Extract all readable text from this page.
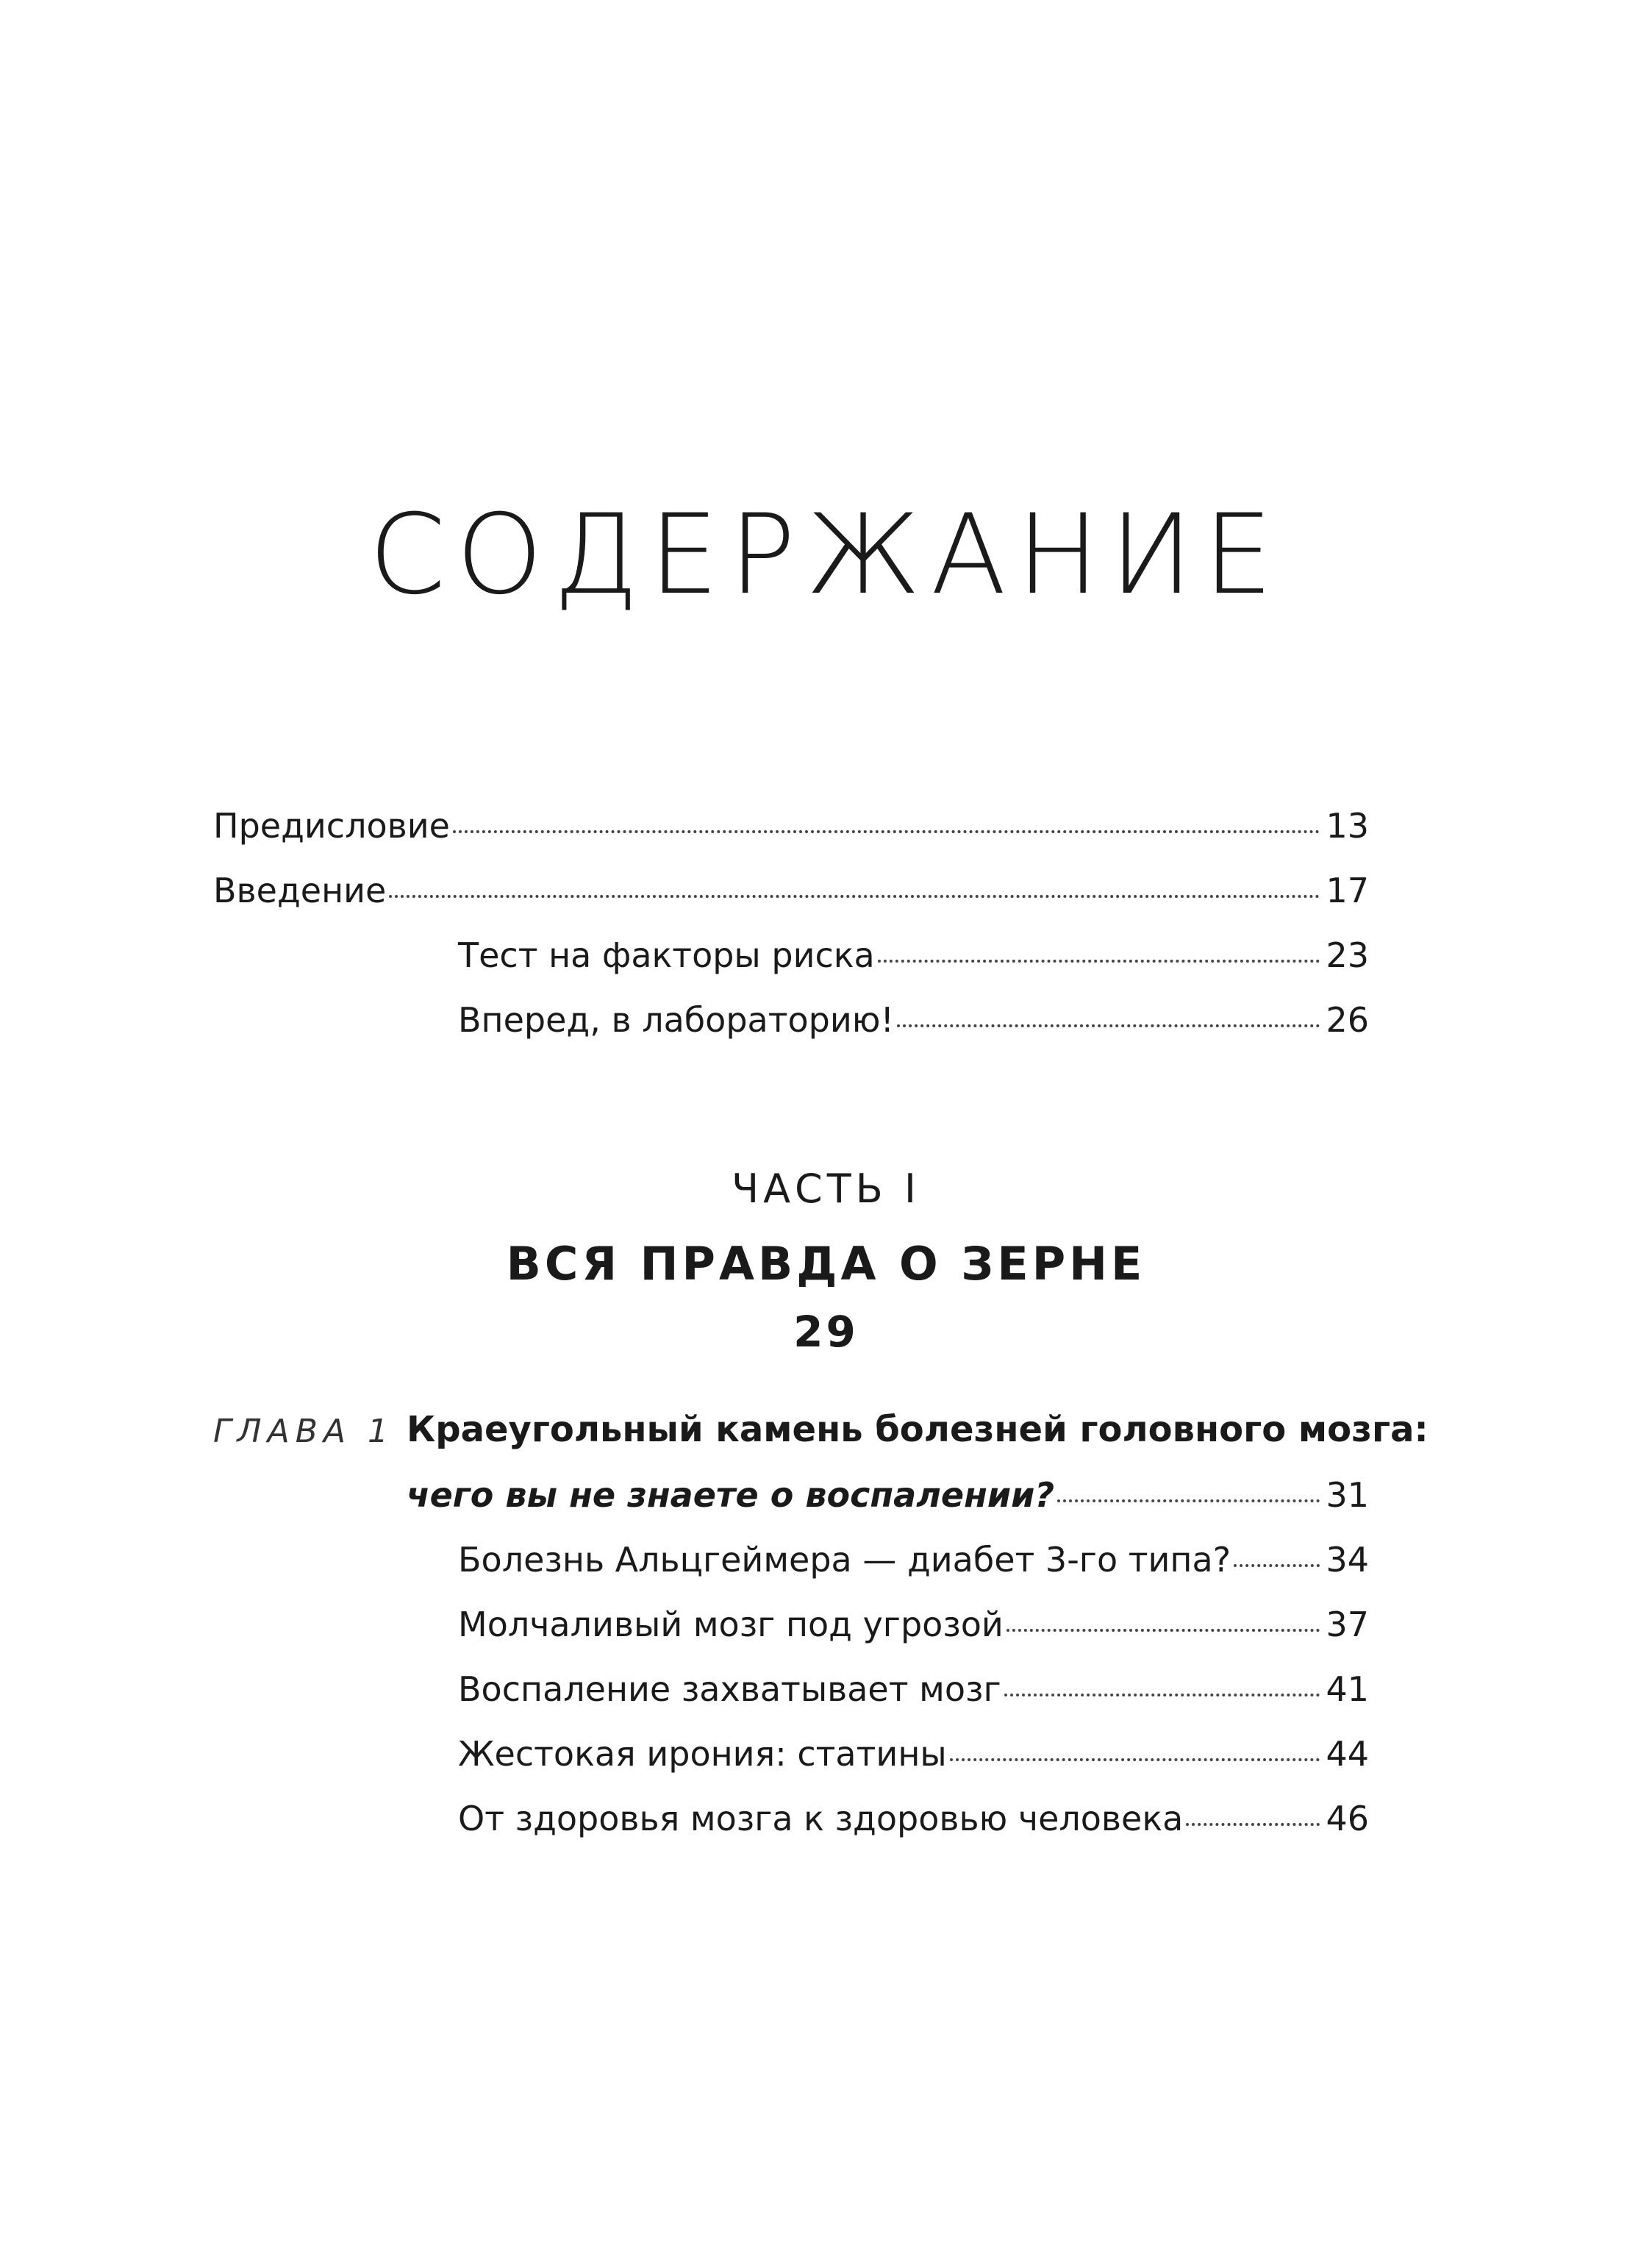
СОДЕРЖАНИЕ
Предисловие	13
Введение	17
Тест на факторы риска	23
Вперед, в лабораторию!	26
ЧАСТЬ I
ВСЯ ПРАВДА О ЗЕРНЕ
29
ГЛАВА 1 Краеугольный камень болезней головного мозга:
чего вы не знаете о воспалении?	31
Болезнь Альцгеймера — диабет 3-го типа?	34
Молчаливый мозг под угрозой	37
Воспаление захватывает мозг	41
Жестокая ирония: статины	44
От здоровья мозга к здоровью человека	46
